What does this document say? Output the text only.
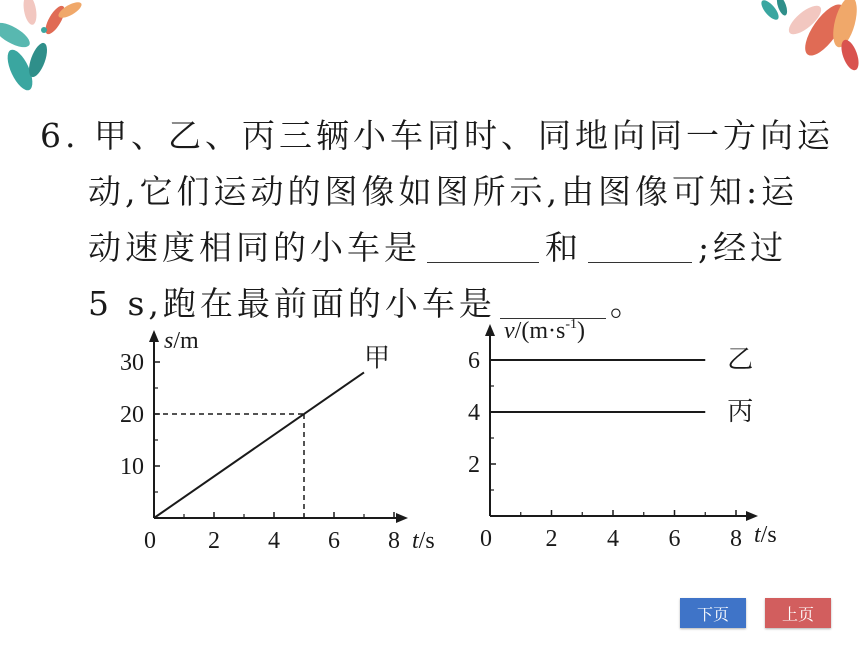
6. 甲、乙、丙三辆小车同时、同地向同一方向运
动,它们运动的图像如图所示,由图像可知:运
动速度相同的小车是	和	;经过
5 s,跑在最前面的小车是	。
s/m
t/s
0 2 4 6 8
10
20
30	甲
$v/(m\cdot s^{-1})$
t/s
0 2 4 6 8
2
4
6	乙
丙
下页	上页
